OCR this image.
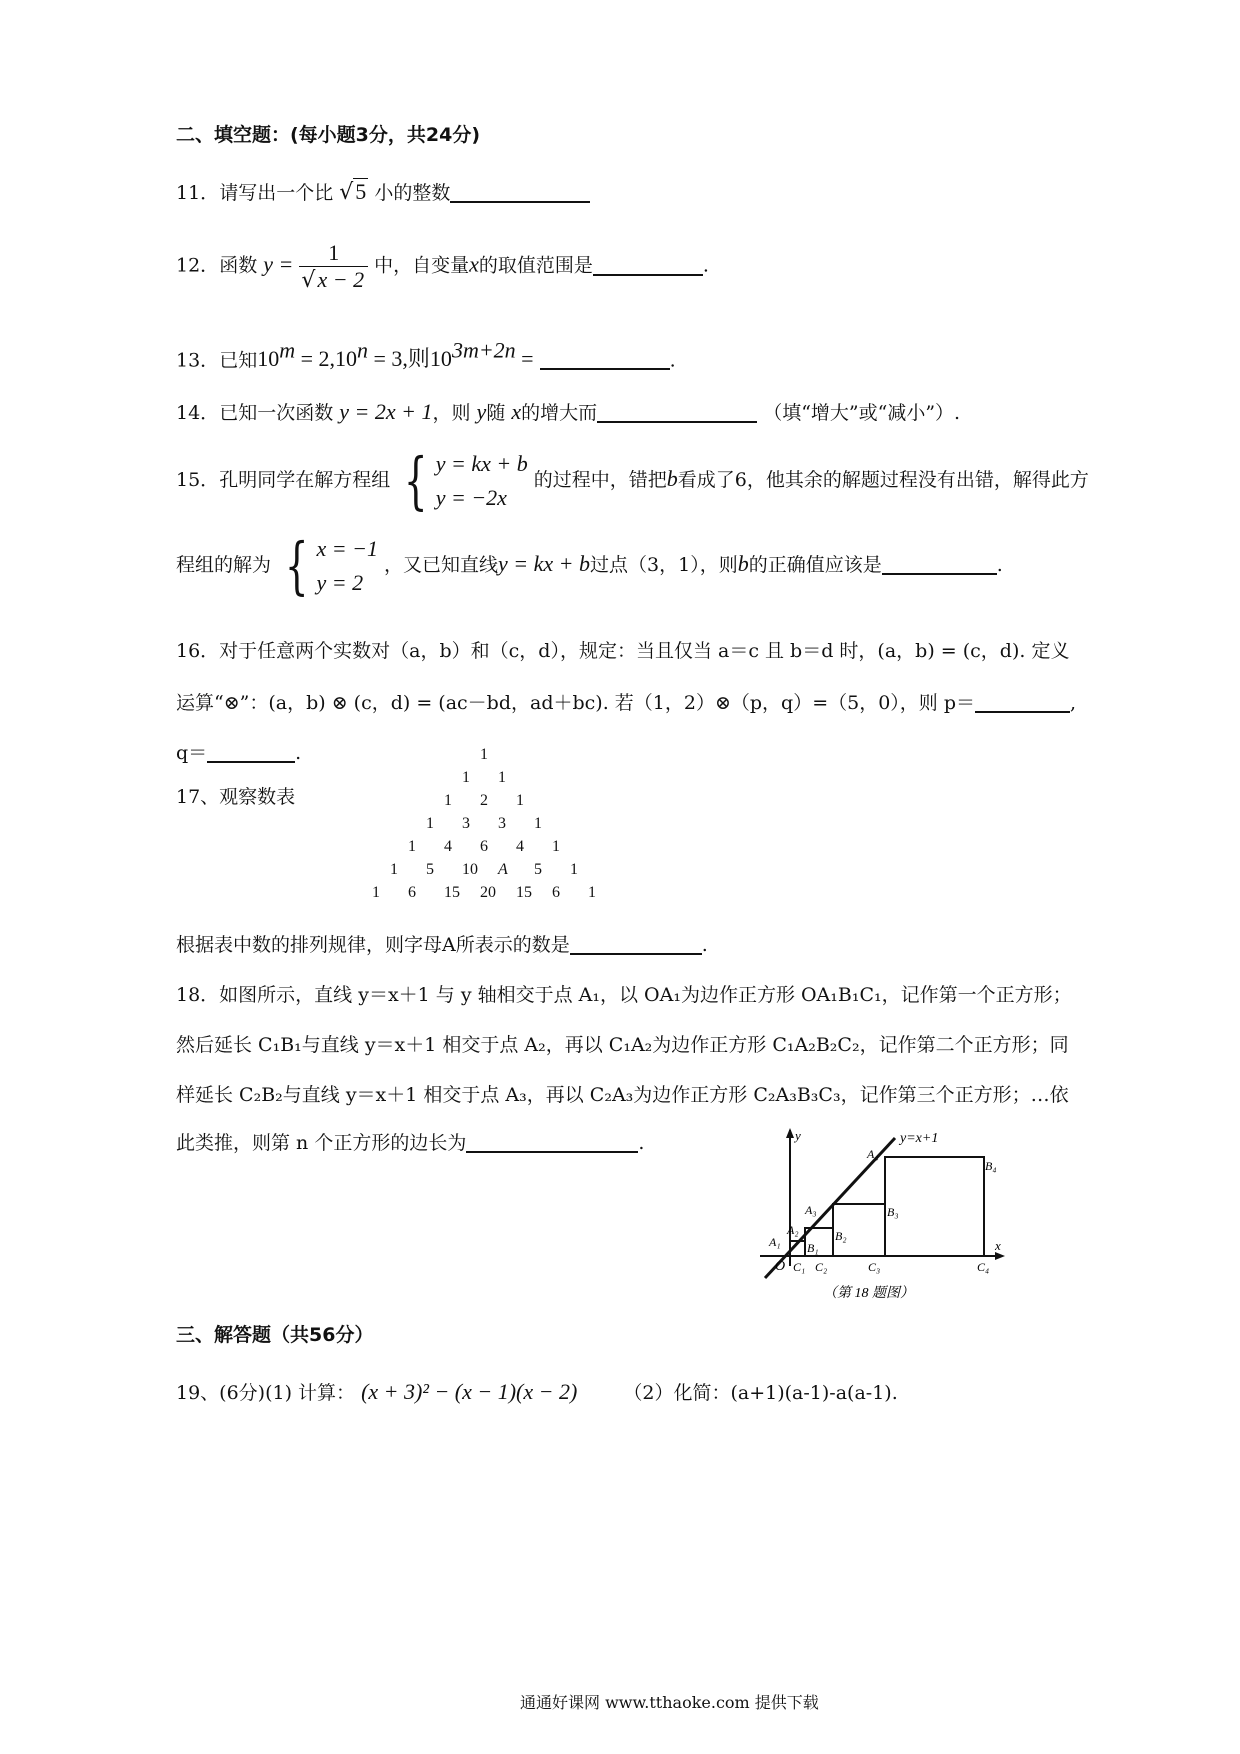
二、填空题：(每小题3分，共24分)
11．请写出一个比 √5 小的整数
12．函数 $y = \frac{1}{√x - 2}$ 中，自变量x的取值范围是	.
13．已知$10^m = 2,10^n = 3$,则$10^{3m+2n}$ =	.
14．已知一次函数 y = 2x + 1，则 y随 x的增大而	（填“增大”或“减小”）.
15．孔明同学在解方程组 { y = kx + b
y = −2x
的过程中，错把b看成了6，他其余的解题过程没有出错，解得此方
程组的解为 { x = −1
y = 2
，又已知直线y = kx + b过点（3，1），则b的正确值应该是	.
16．对于任意两个实数对（a，b）和（c，d），规定：当且仅当 a＝c 且 b＝d 时，(a，b) = (c，d). 定义
运算“⊗”：(a，b) ⊗ (c，d) = (ac－bd，ad＋bc). 若（1，2）⊗（p，q）=（5，0），则 p＝	,
q＝	.
17、观察数表
1
1 1
1 2 1
1 3 3 1
1 4 6 4 1
1 5 10 A 5 1
1 6 15 20 15 6 1
根据表中数的排列规律，则字母A所表示的数是	.
18．如图所示，直线 y＝x＋1 与 y 轴相交于点 A₁，以 OA₁为边作正方形 OA₁B₁C₁，记作第一个正方形；
然后延长 C₁B₁与直线 y＝x＋1 相交于点 A₂，再以 C₁A₂为边作正方形 C₁A₂B₂C₂，记作第二个正方形；同
样延长 C₂B₂与直线 y＝x＋1 相交于点 A₃，再以 C₂A₃为边作正方形 C₂A₃B₃C₃，记作第三个正方形；…依
此类推，则第 n 个正方形的边长为	.	y
x
O
y=x+1
A₁
A₂
A₃
A₄
B₁
B₂
B₃
B₄
C₁ C₂	C₃	C₄
（第 18 题图）
三、解答题（共56分）
19、(6分)(1) 计算： (x + 3)² − (x − 1)(x − 2) （2）化简：(a+1)(a-1)-a(a-1).
通通好课网 www.tthaoke.com 提供下载
